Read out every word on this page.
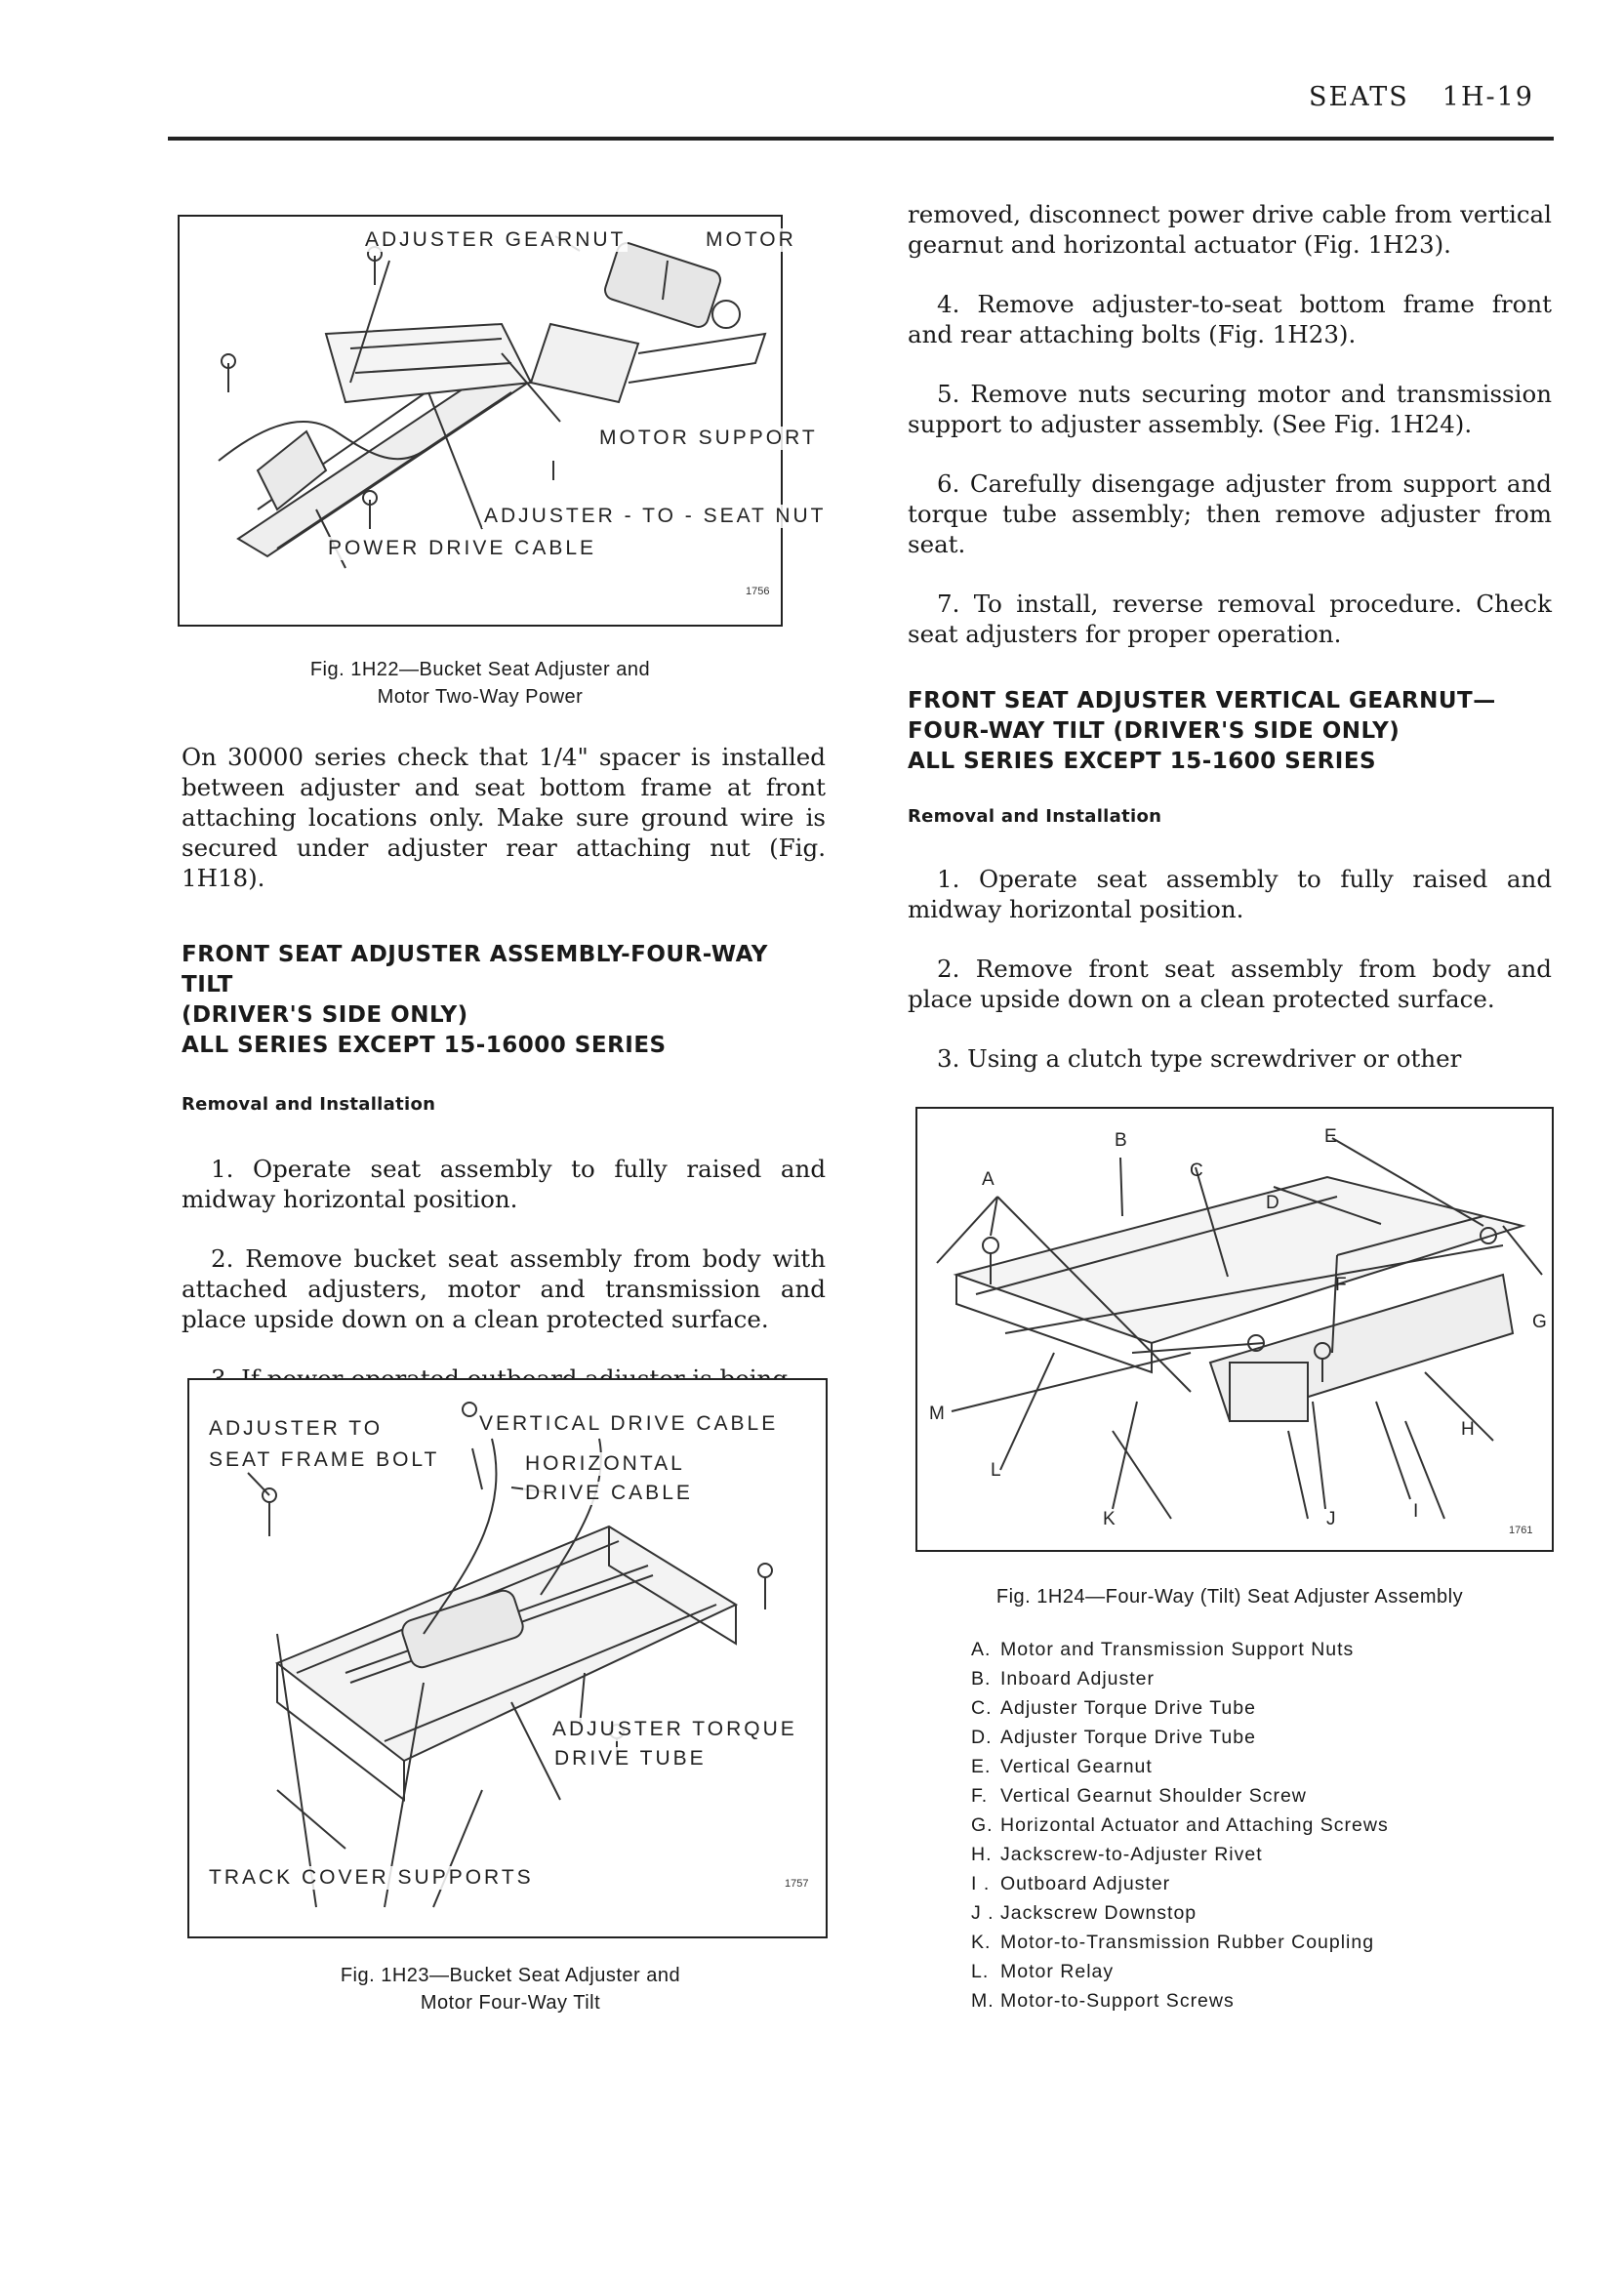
SEATS 1H-19
ADJUSTER GEARNUT	MOTOR
MOTOR SUPPORT
ADJUSTER - TO - SEAT NUT
POWER DRIVE CABLE
1756
Fig. 1H22—Bucket Seat Adjuster and
Motor Two-Way Power

On 30000 series check that 1/4" spacer is installed between adjuster and seat bottom frame at front attaching locations only. Make sure ground wire is secured under adjuster rear attaching nut (Fig. 1H18).

FRONT SEAT ADJUSTER ASSEMBLY-FOUR-WAY TILT
(DRIVER'S SIDE ONLY)
ALL SERIES EXCEPT 15-16000 SERIES
Removal and Installation

1. Operate seat assembly to fully raised and midway horizontal position.

2. Remove bucket seat assembly from body with attached adjusters, motor and transmission and place upside down on a clean protected surface.

ADJUSTER TO
SEAT FRAME BOLT
VERTICAL DRIVE CABLE
HORIZONTAL
DRIVE CABLE
ADJUSTER TORQUE
DRIVE TUBE
TRACK COVER SUPPORTS	1757
Fig. 1H23—Bucket Seat Adjuster and
Motor Four-Way Tilt

removed, disconnect power drive cable from vertical gearnut and horizontal actuator (Fig. 1H23).

4. Remove adjuster-to-seat bottom frame front and rear attaching bolts (Fig. 1H23).

5. Remove nuts securing motor and transmission support to adjuster assembly. (See Fig. 1H24).

6. Carefully disengage adjuster from support and torque tube assembly; then remove adjuster from seat.

7. To install, reverse removal procedure. Check seat adjusters for proper operation.

FRONT SEAT ADJUSTER VERTICAL GEARNUT—
FOUR-WAY TILT (DRIVER'S SIDE ONLY)
ALL SERIES EXCEPT 15-1600 SERIES
Removal and Installation

1. Operate seat assembly to fully raised and midway horizontal position.

2. Remove front seat assembly from body and place upside down on a clean protected surface.

3. Using a clutch type screwdriver or other

A
B
C
D
E
F
G
H
I
J
K
L
M
1761
Fig. 1H24—Four-Way (Tilt) Seat Adjuster Assembly
A. Motor and Transmission Support Nuts
B. Inboard Adjuster
C. Adjuster Torque Drive Tube
D. Adjuster Torque Drive Tube
E. Vertical Gearnut
F. Vertical Gearnut Shoulder Screw
G. Horizontal Actuator and Attaching Screws
H. Jackscrew-to-Adjuster Rivet
I . Outboard Adjuster
J . Jackscrew Downstop
K. Motor-to-Transmission Rubber Coupling
L. Motor Relay
M. Motor-to-Support Screws
